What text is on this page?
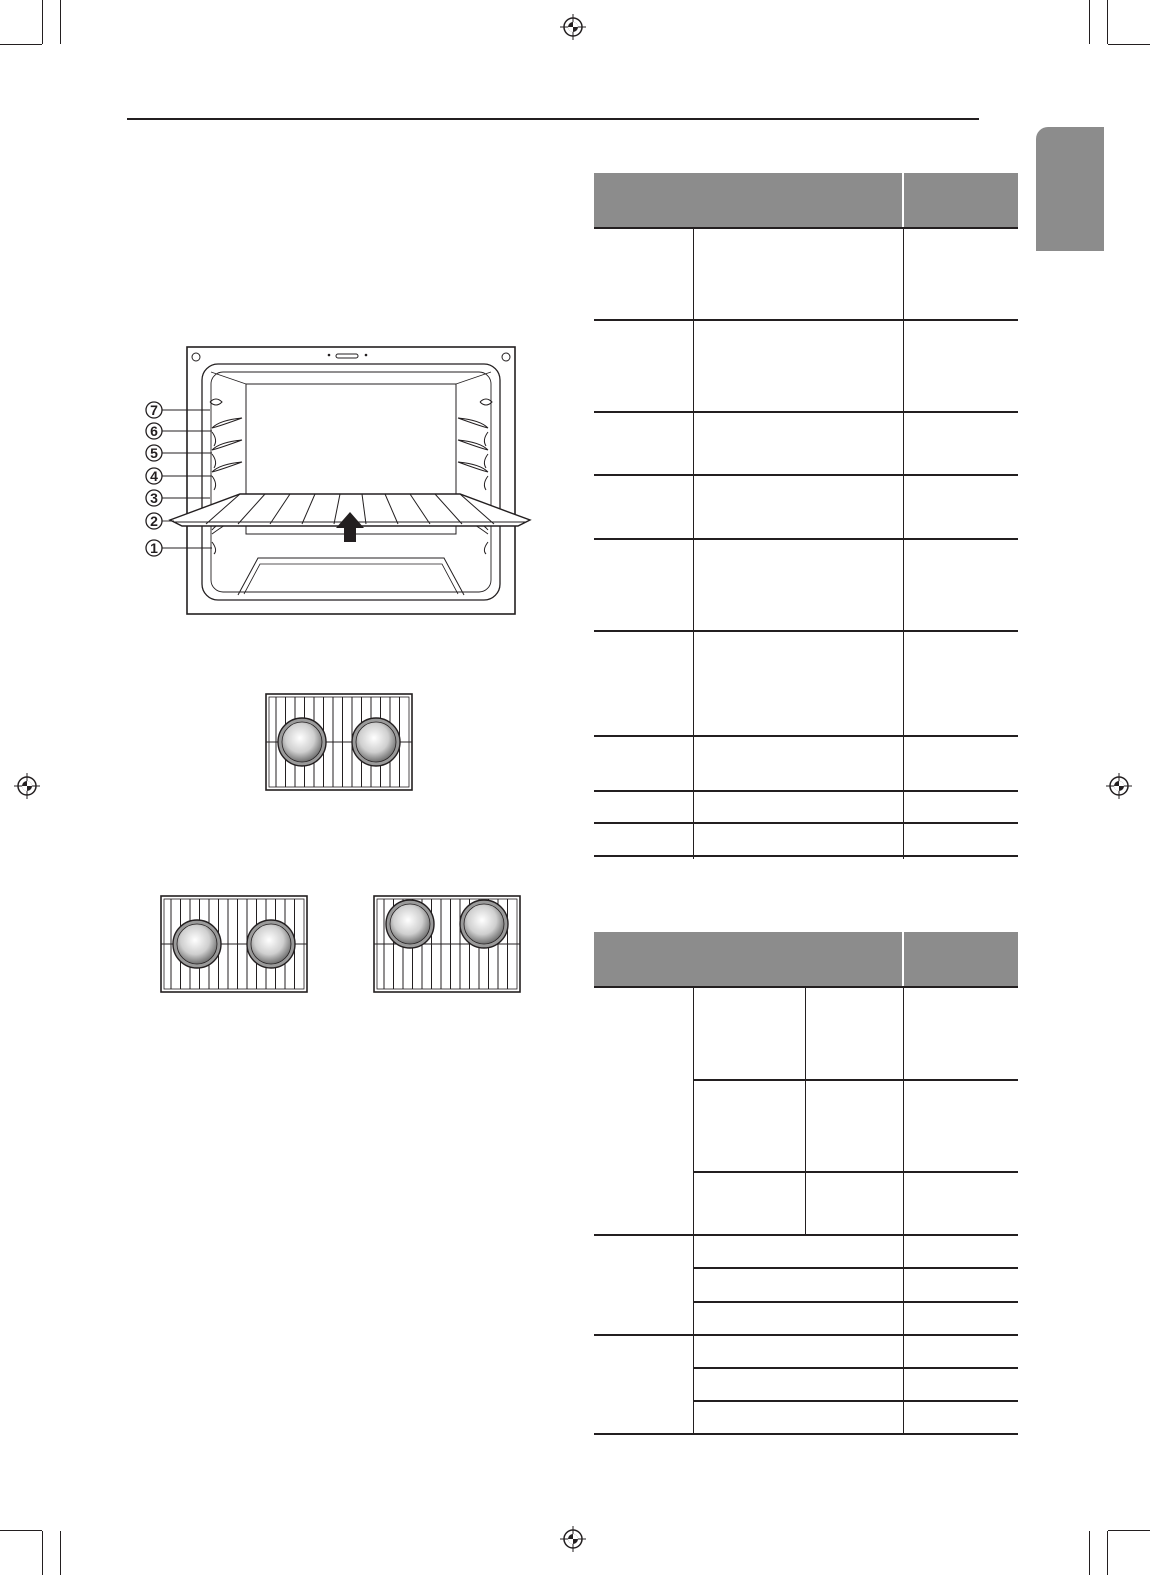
7
6
5
4
3
2
1
